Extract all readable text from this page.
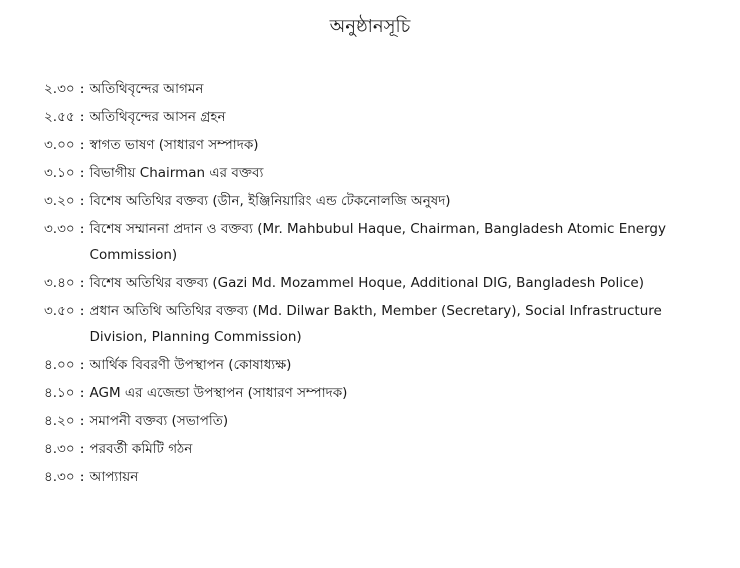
অনুষ্ঠানসূচি
২.৩০ : অতিথিবৃন্দের আগমন
২.৫৫ : অতিথিবৃন্দের আসন গ্রহন
৩.০০ : স্বাগত ভাষণ (সাধারণ সম্পাদক)
৩.১০ : বিভাগীয় Chairman এর বক্তব্য
৩.২০ : বিশেষ অতিথির বক্তব্য (ডীন, ইঞ্জিনিয়ারিং এন্ড টেকনোলজি অনুষদ)
৩.৩০ : বিশেষ সম্মাননা প্রদান ও বক্তব্য (Mr. Mahbubul Haque, Chairman, Bangladesh Atomic Energy Commission)
৩.৪০ : বিশেষ অতিথির বক্তব্য (Gazi Md. Mozammel Hoque, Additional DIG, Bangladesh Police)
৩.৫০ : প্রধান অতিথি অতিথির বক্তব্য (Md. Dilwar Bakth, Member (Secretary), Social Infrastructure Division, Planning Commission)
৪.০০ : আর্থিক বিবরণী উপস্থাপন (কোষাধ্যক্ষ)
৪.১০ : AGM এর এজেন্ডা উপস্থাপন (সাধারণ সম্পাদক)
৪.২০ : সমাপনী বক্তব্য (সভাপতি)
৪.৩০ : পরবর্তী কমিটি গঠন
৪.৩০ : আপ্যায়ন
